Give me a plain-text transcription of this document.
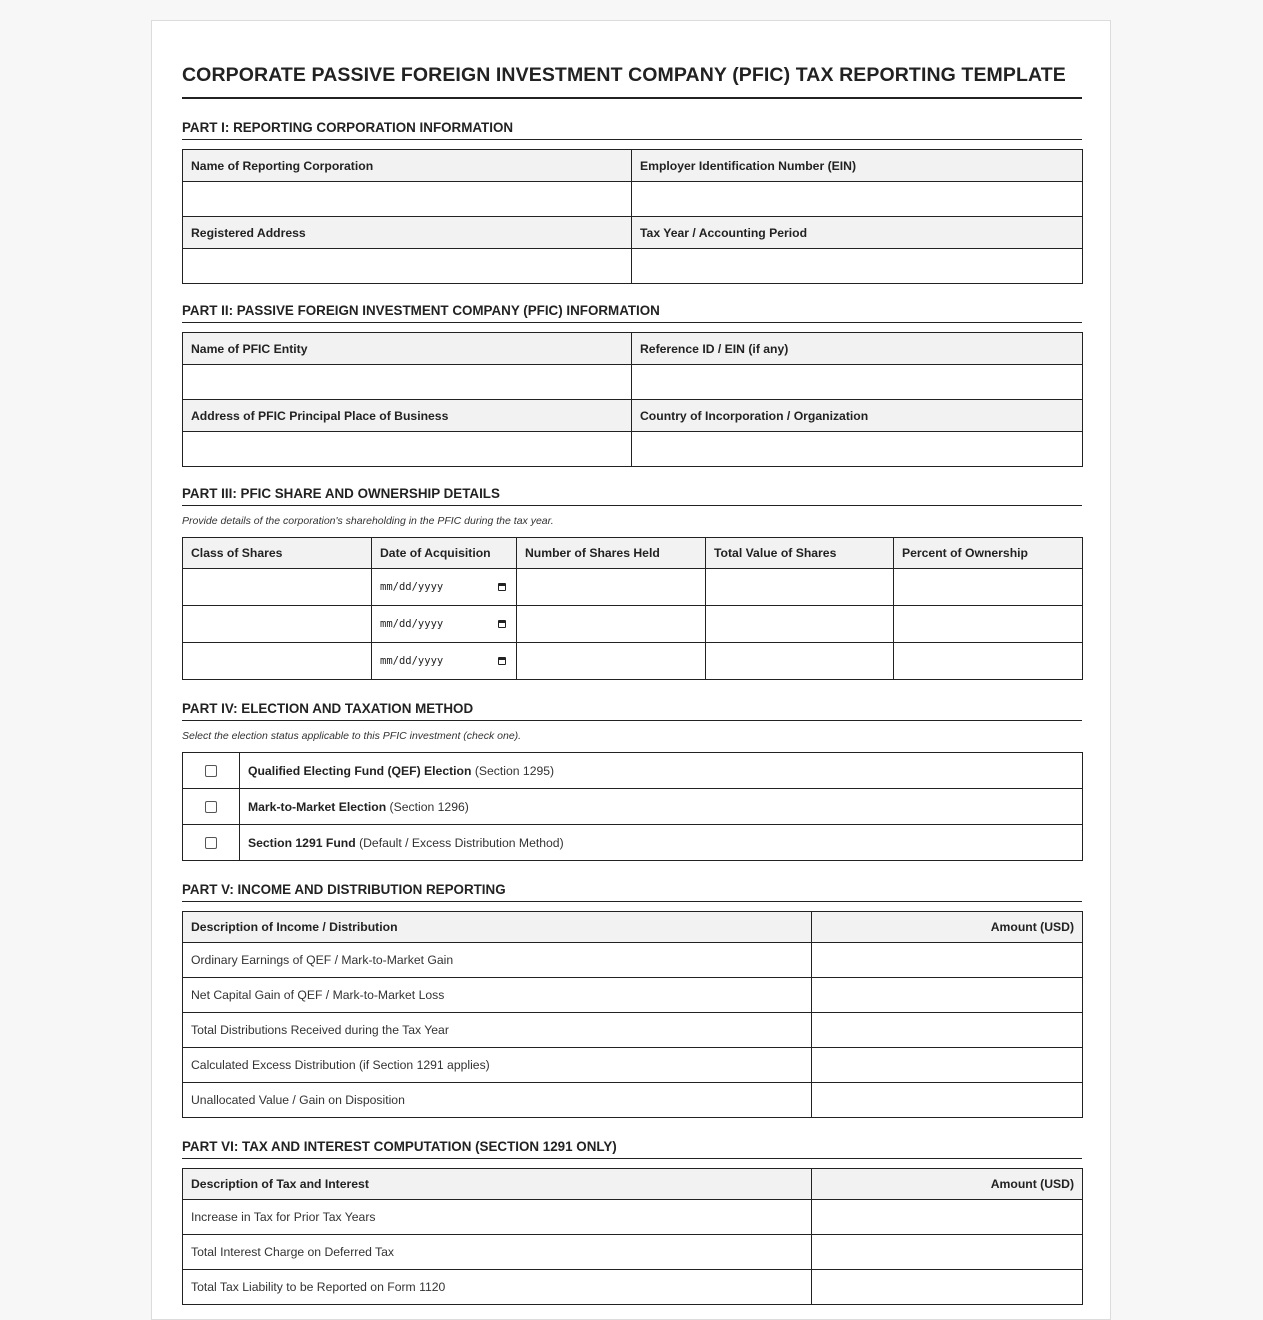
CORPORATE PASSIVE FOREIGN INVESTMENT COMPANY (PFIC) TAX REPORTING TEMPLATE
PART I: REPORTING CORPORATION INFORMATION
Name of Reporting Corporation	Employer Identification Number (EIN)

Registered Address	Tax Year / Accounting Period

PART II: PASSIVE FOREIGN INVESTMENT COMPANY (PFIC) INFORMATION
Name of PFIC Entity	Reference ID / EIN (if any)

Address of PFIC Principal Place of Business	Country of Incorporation / Organization

PART III: PFIC SHARE AND OWNERSHIP DETAILS
Provide details of the corporation's shareholding in the PFIC during the tax year.
Class of Shares	Date of Acquisition	Number of Shares Held	Total Value of Shares	Percent of Ownership

	mm/dd/yyyy			

	mm/dd/yyyy			

	mm/dd/yyyy			

PART IV: ELECTION AND TAXATION METHOD
Select the election status applicable to this PFIC investment (check one).
	Qualified Electing Fund (QEF) Election (Section 1295)
	Mark-to-Market Election (Section 1296)
	Section 1291 Fund (Default / Excess Distribution Method)
PART V: INCOME AND DISTRIBUTION REPORTING
Description of Income / Distribution	Amount (USD)
Ordinary Earnings of QEF / Mark-to-Market Gain	
Net Capital Gain of QEF / Mark-to-Market Loss	
Total Distributions Received during the Tax Year	
Calculated Excess Distribution (if Section 1291 applies)	
Unallocated Value / Gain on Disposition	
PART VI: TAX AND INTEREST COMPUTATION (SECTION 1291 ONLY)
Description of Tax and Interest	Amount (USD)
Increase in Tax for Prior Tax Years	
Total Interest Charge on Deferred Tax	
Total Tax Liability to be Reported on Form 1120	
